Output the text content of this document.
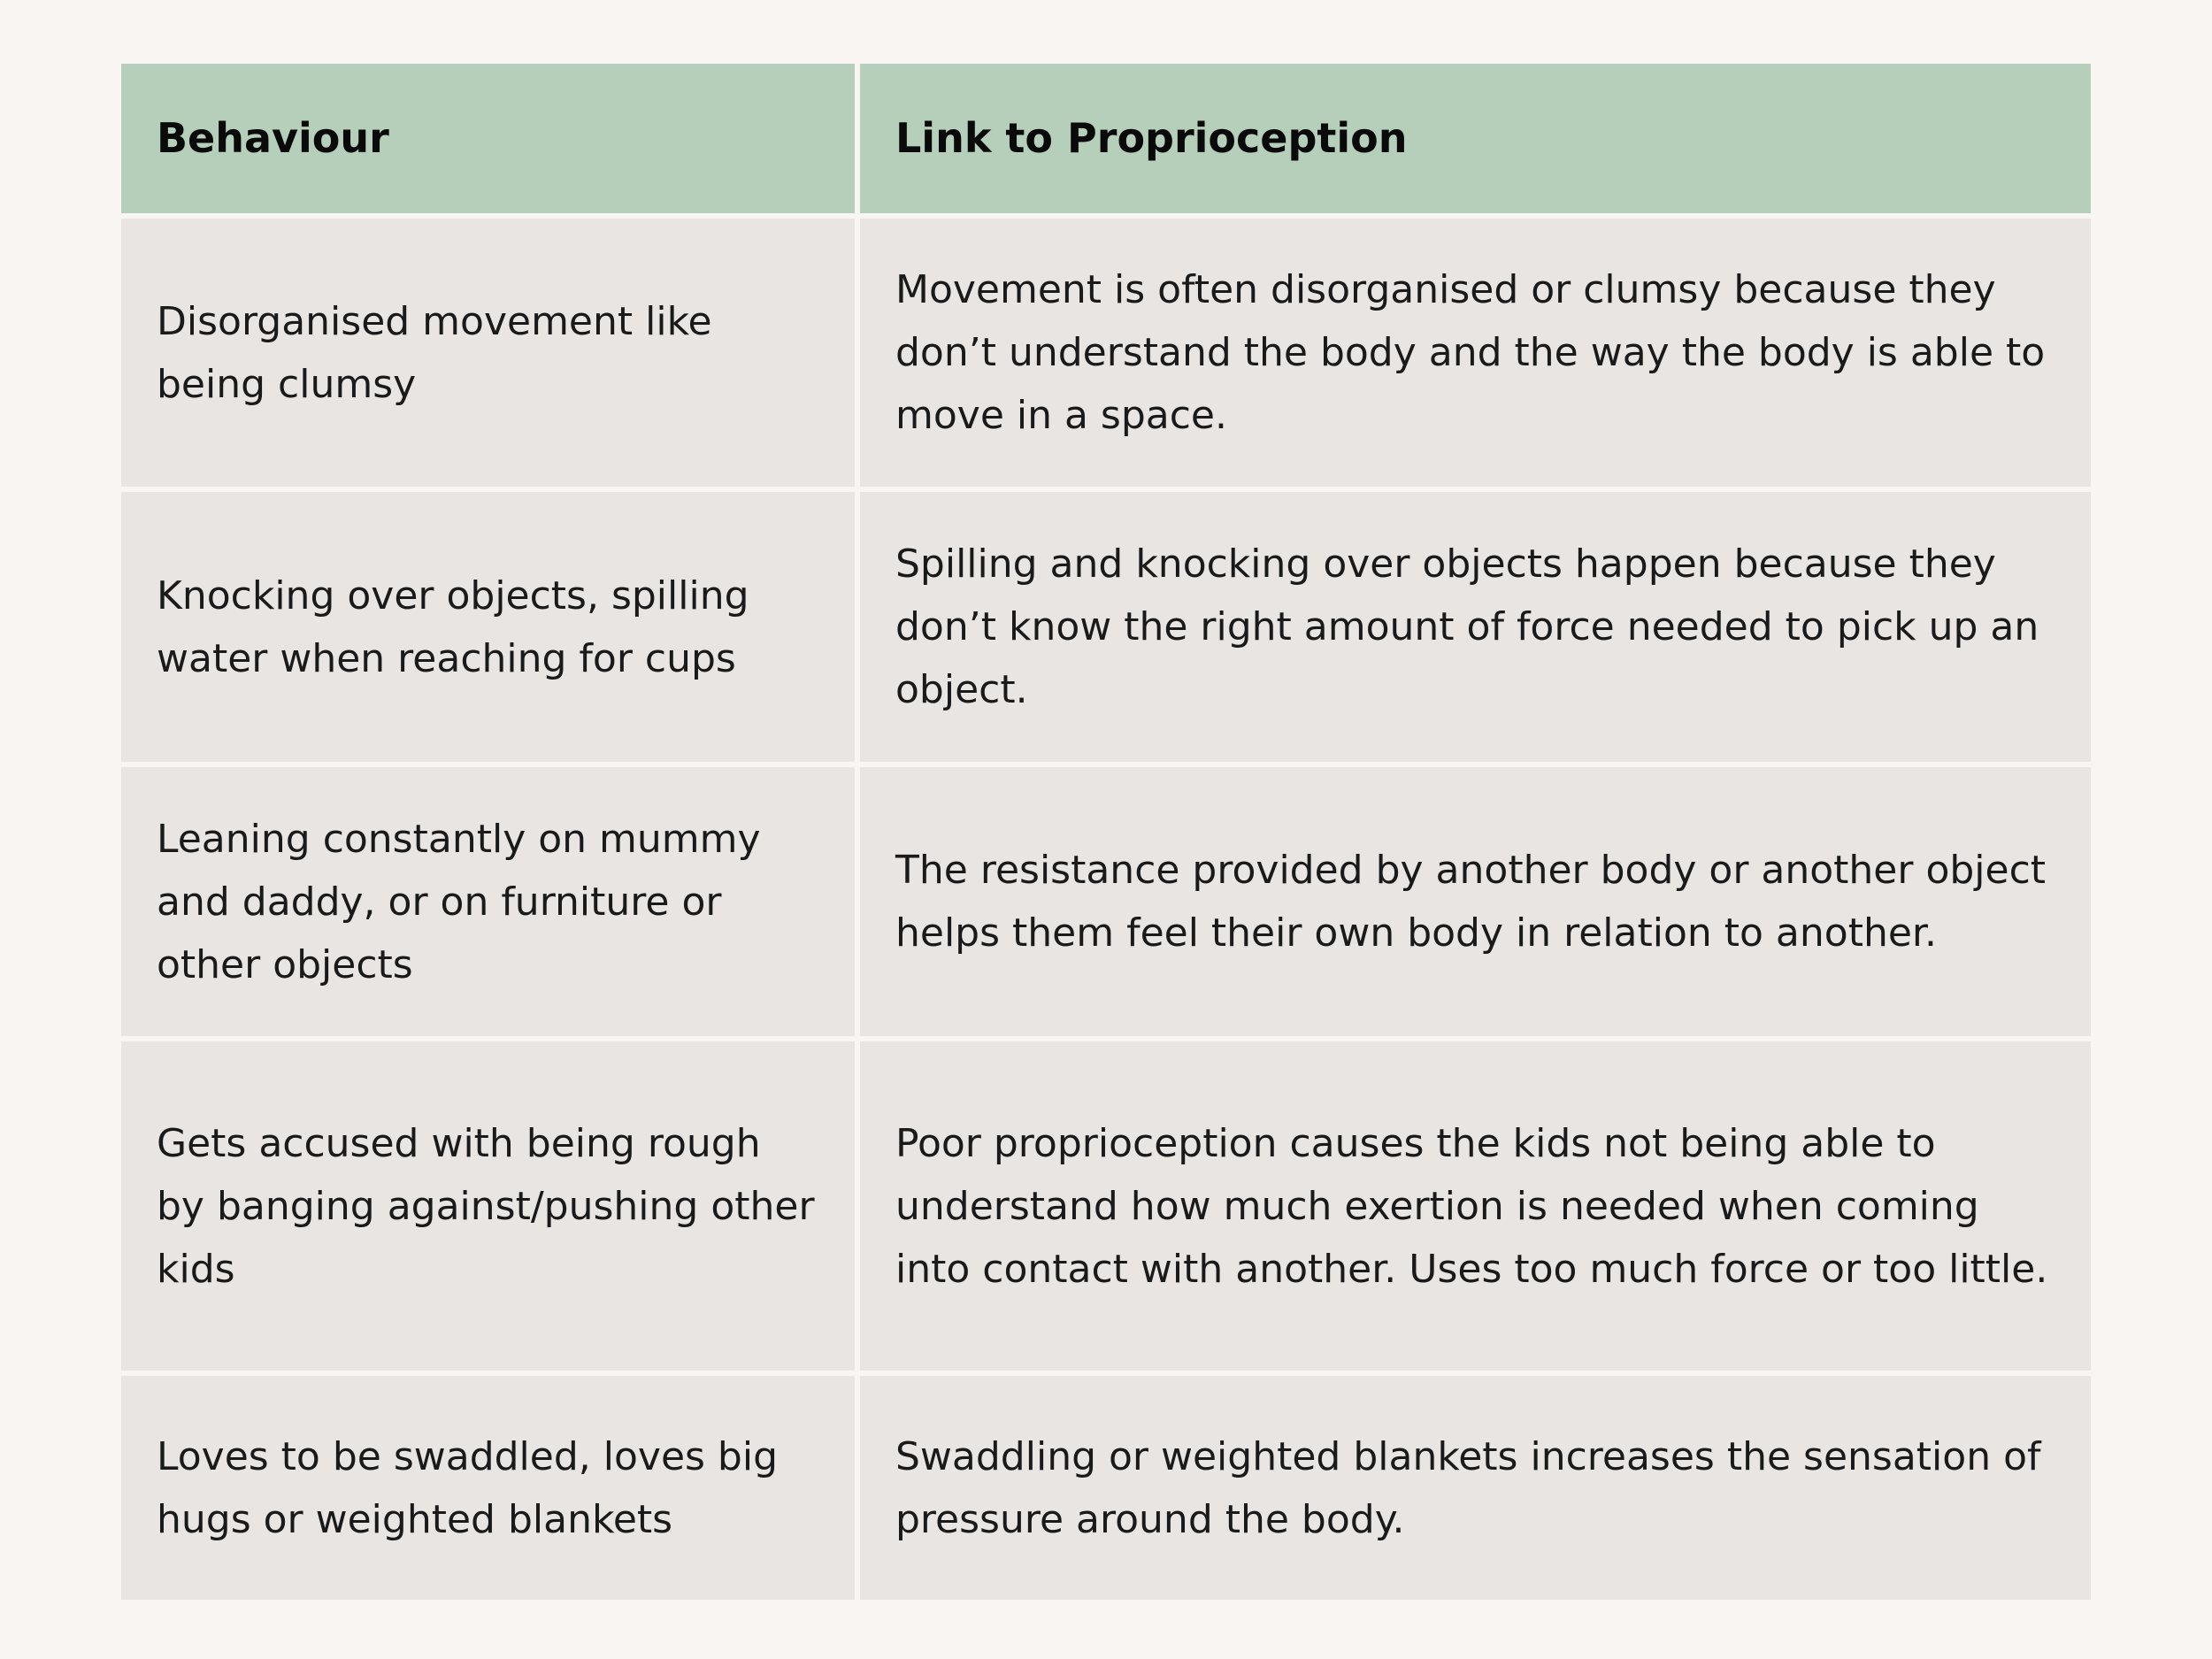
Behaviour	Link to Proprioception
Disorganised movement like being clumsy
Movement is often disorganised or clumsy because they don’t understand the body and the way the body is able to move in a space.
Knocking over objects, spilling water when reaching for cups
Spilling and knocking over objects happen because they don’t know the right amount of force needed to pick up an object.
Leaning constantly on mummy and daddy, or on furniture or other objects
The resistance provided by another body or another object helps them feel their own body in relation to another.
Gets accused with being rough by banging against/pushing other kids
Poor proprioception causes the kids not being able to understand how much exertion is needed when coming into contact with another. Uses too much force or too little.
Loves to be swaddled, loves big hugs or weighted blankets
Swaddling or weighted blankets increases the sensation of pressure around the body.
